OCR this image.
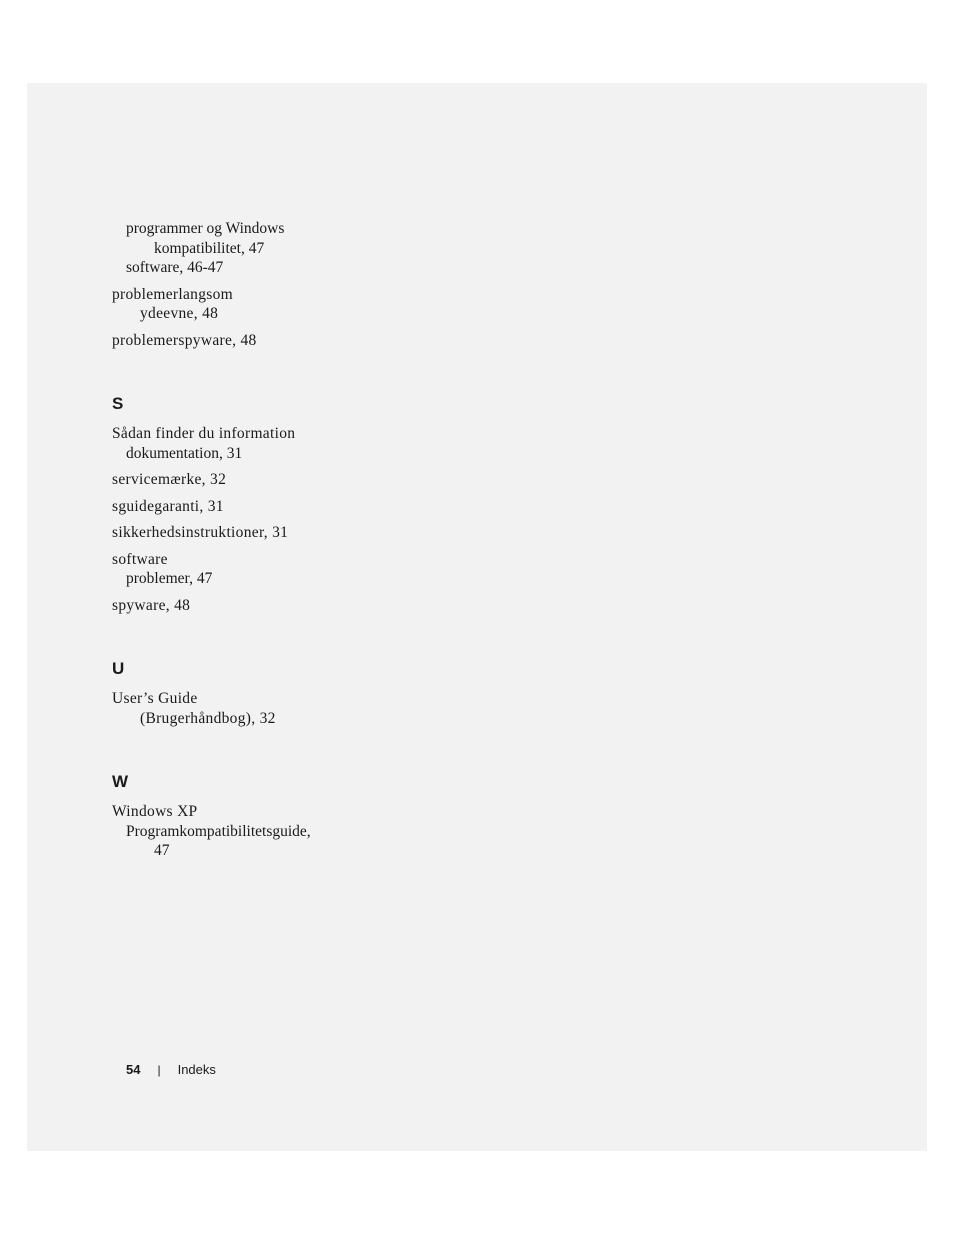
programmer og Windows
kompatibilitet, 47
software, 46-47
problemerlangsom
ydeevne, 48
problemerspyware, 48
S
Sådan finder du information
dokumentation, 31
servicemærke, 32
sguidegaranti, 31
sikkerhedsinstruktioner, 31
software
problemer, 47
spyware, 48
U
User’s Guide
(Brugerhåndbog), 32
W
Windows XP
Programkompatibilitetsguide,
47
54 | Indeks
